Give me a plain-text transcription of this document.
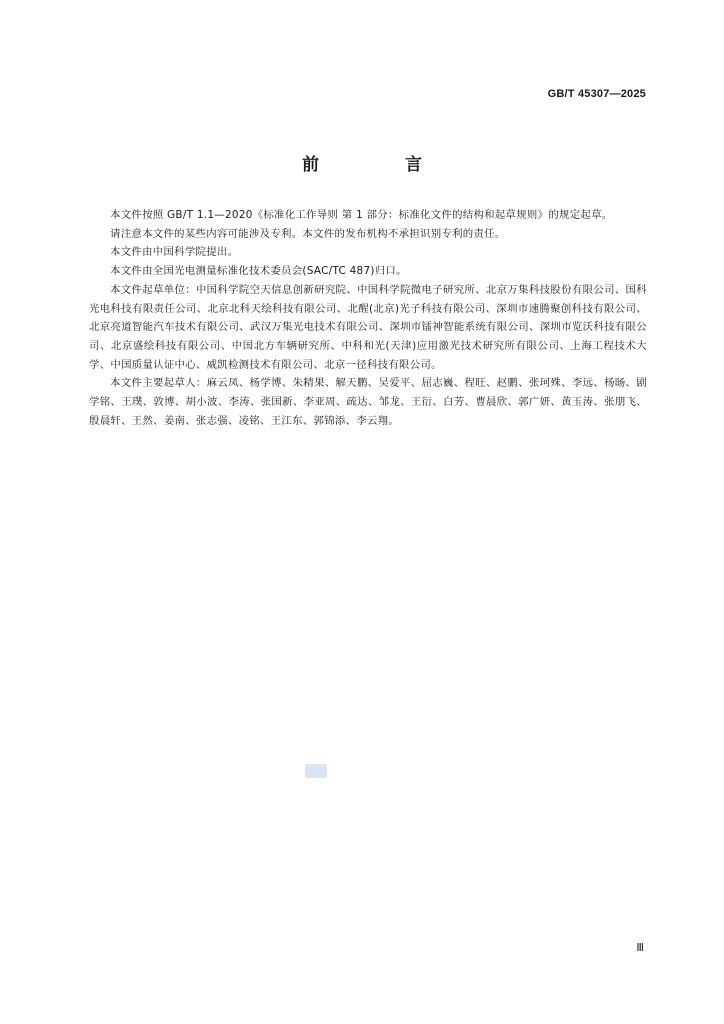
GB/T 45307—2025
前 言

本文件按照 GB/T 1.1—2020《标准化工作导则 第 1 部分：标准化文件的结构和起草规则》的规定起草。

请注意本文件的某些内容可能涉及专利。本文件的发布机构不承担识别专利的责任。

本文件由中国科学院提出。

本文件由全国光电测量标准化技术委员会(SAC/TC 487)归口。

本文件起草单位：中国科学院空天信息创新研究院、中国科学院微电子研究所、北京万集科技股份有限公司、国科光电科技有限责任公司、北京北科天绘科技有限公司、北醒(北京)光子科技有限公司、深圳市速腾聚创科技有限公司、北京亮道智能汽车技术有限公司、武汉万集光电技术有限公司、深圳市镭神智能系统有限公司、深圳市览沃科技有限公司、北京盛绘科技有限公司、中国北方车辆研究所、中科和光(天津)应用激光技术研究所有限公司、上海工程技术大学、中国质量认证中心、威凯检测技术有限公司、北京一径科技有限公司。

本文件主要起草人：麻云凤、杨学博、朱精果、解天鹏、吴爱平、屈志巍、程旺、赵鹏、张珂殊、李远、杨旸、剧学铭、王璞、敦博、胡小波、李涛、张国新、李亚周、疏达、邹龙、王衍、白芳、曹晨欣、郭广妍、黄玉涛、张朋飞、殷晨轩、王然、姜南、张志强、凌铭、王江东、郭锦添、李云翔。

Ⅲ
